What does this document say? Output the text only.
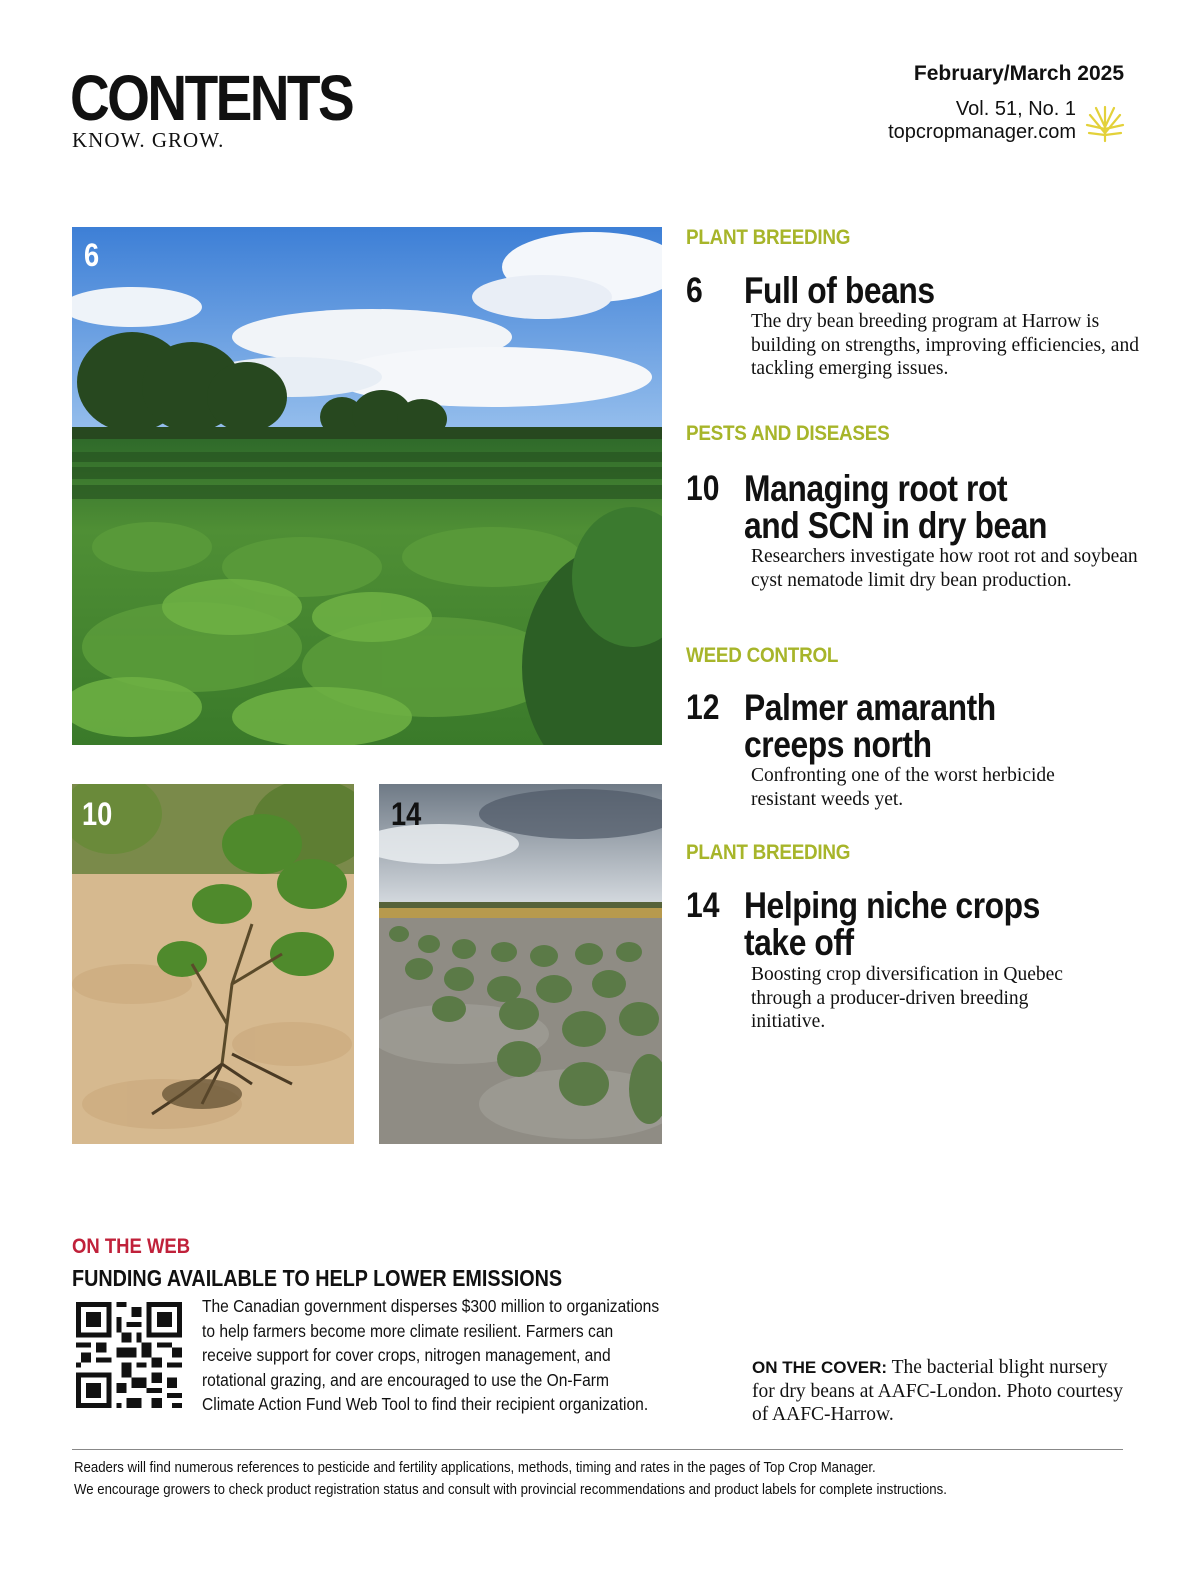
CONTENTS
KNOW. GROW.
February/March 2025
Vol. 51, No. 1
topcropmanager.com
6
10	14
PLANT BREEDING
6 Full of beans
The dry bean breeding program at Harrow is building on strengths, improving efficiencies, and tackling emerging issues.
PESTS AND DISEASES
10 Managing root rot and SCN in dry bean
Researchers investigate how root rot and soybean cyst nematode limit dry bean production.
WEED CONTROL
12 Palmer amaranth creeps north
Confronting one of the worst herbicide resistant weeds yet.
PLANT BREEDING
14 Helping niche crops take off
Boosting crop diversification in Quebec through a producer-driven breeding initiative.
ON THE WEB
FUNDING AVAILABLE TO HELP LOWER EMISSIONS
The Canadian government disperses $300 million to organizations to help farmers become more climate resilient. Farmers can receive support for cover crops, nitrogen management, and rotational grazing, and are encouraged to use the On-Farm Climate Action Fund Web Tool to find their recipient organization.
ON THE COVER: The bacterial blight nursery for dry beans at AAFC-London. Photo courtesy of AAFC-Harrow.
Readers will find numerous references to pesticide and fertility applications, methods, timing and rates in the pages of Top Crop Manager.
We encourage growers to check product registration status and consult with provincial recommendations and product labels for complete instructions.
